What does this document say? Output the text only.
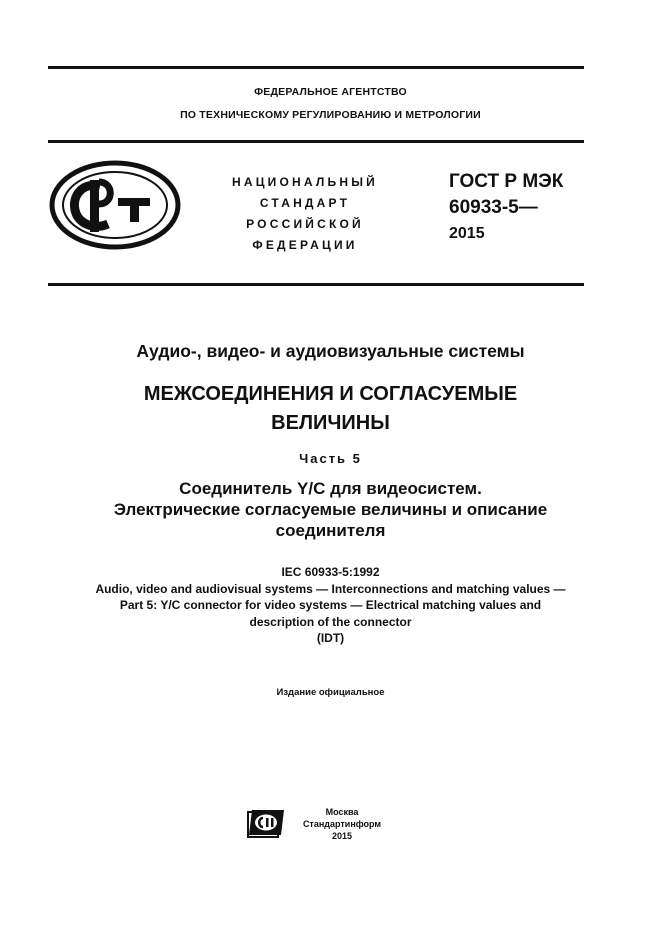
ФЕДЕРАЛЬНОЕ АГЕНТСТВО
ПО ТЕХНИЧЕСКОМУ РЕГУЛИРОВАНИЮ И МЕТРОЛОГИИ
НАЦИОНАЛЬНЫЙ
СТАНДАРТ
РОССИЙСКОЙ
ФЕДЕРАЦИИ
ГОСТ Р МЭК
60933-5—
2015
Аудио-, видео- и аудиовизуальные системы
МЕЖСОЕДИНЕНИЯ И СОГЛАСУЕМЫЕ
ВЕЛИЧИНЫ
Часть 5
Соединитель Y/C для видеосистем.
Электрические согласуемые величины и описание
соединителя
IEC 60933-5:1992
Audio, video and audiovisual systems — Interconnections and matching values —
Part 5: Y/C connector for video systems — Electrical matching values and
description of the connector
(IDT)
Издание официальное
Москва
Стандартинформ
2015
